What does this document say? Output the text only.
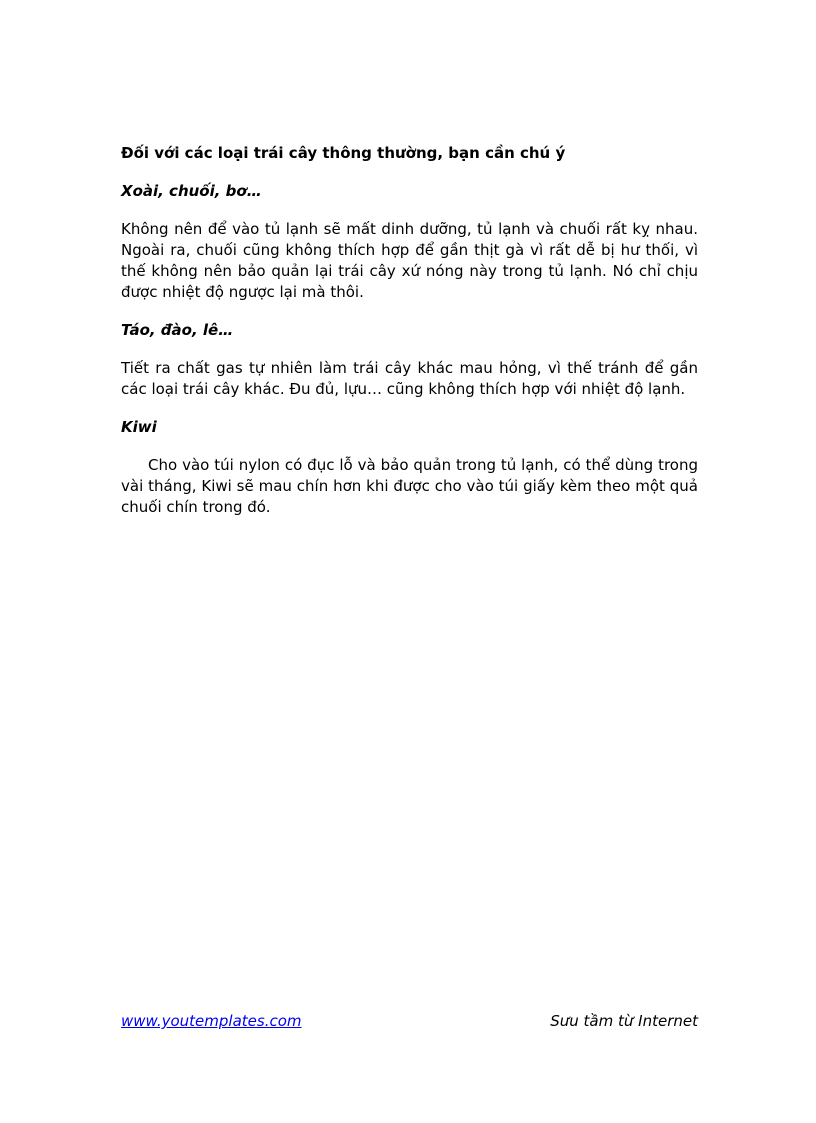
Đối với các loại trái cây thông thường, bạn cần chú ý

Xoài, chuối, bơ…

Không nên để vào tủ lạnh sẽ mất dinh dưỡng, tủ lạnh và chuối rất kỵ nhau. Ngoài ra, chuối cũng không thích hợp để gần thịt gà vì rất dễ bị hư thối, vì thế không nên bảo quản lại trái cây xứ nóng này trong tủ lạnh. Nó chỉ chịu được nhiệt độ ngược lại mà thôi.

Táo, đào, lê…

Tiết ra chất gas tự nhiên làm trái cây khác mau hỏng, vì thế tránh để gần các loại trái cây khác. Đu đủ, lựu… cũng không thích hợp với nhiệt độ lạnh.

Kiwi

Cho vào túi nylon có đục lỗ và bảo quản trong tủ lạnh, có thể dùng trong vài tháng, Kiwi sẽ mau chín hơn khi được cho vào túi giấy kèm theo một quả chuối chín trong đó.

www.youtemplates.com	Sưu tầm từ Internet
